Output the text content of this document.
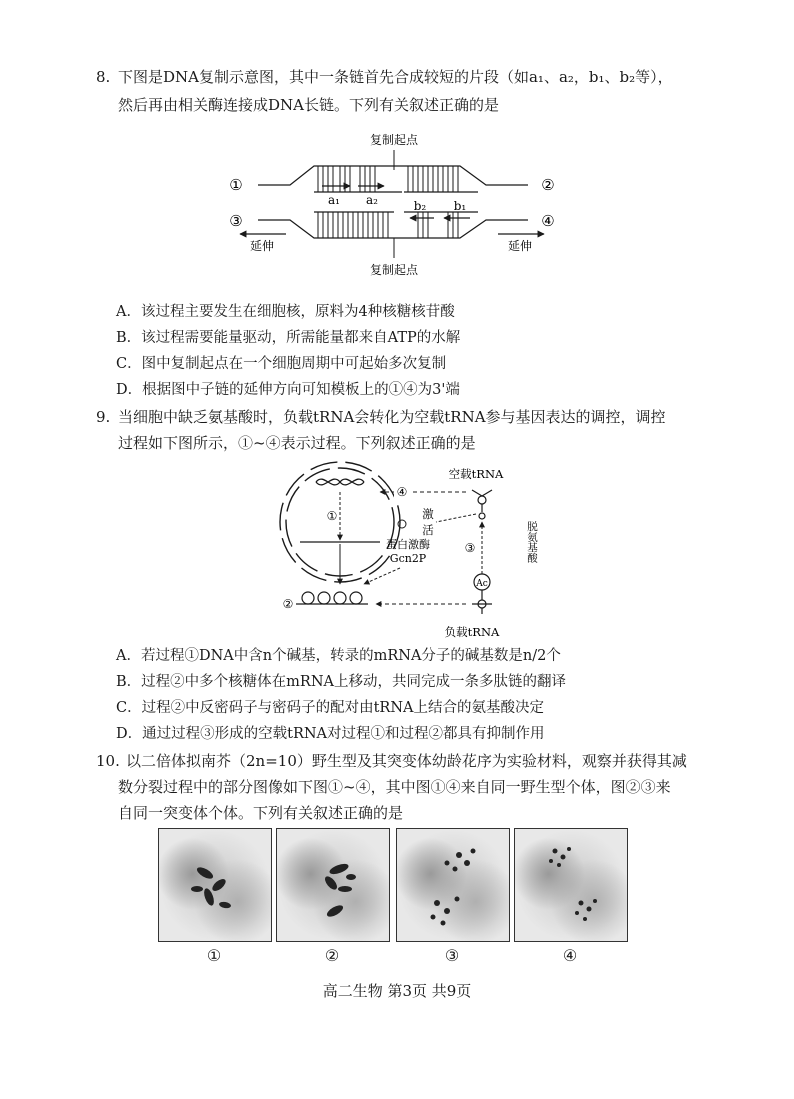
8. 下图是DNA复制示意图，其中一条链首先合成较短的片段（如a₁、a₂，b₁、b₂等），
然后再由相关酶连接成DNA长链。下列有关叙述正确的是
复制起点
①	②
③	④
a₁ a₂	b₂ b₁
延伸	延伸
复制起点
A．该过程主要发生在细胞核，原料为4种核糖核苷酸
B．该过程需要能量驱动，所需能量都来自ATP的水解
C．图中复制起点在一个细胞周期中可起始多次复制
D．根据图中子链的延伸方向可知模板上的①④为3'端
9. 当细胞中缺乏氨基酸时，负载tRNA会转化为空载tRNA参与基因表达的调控，调控
过程如下图所示，①~④表示过程。下列叙述正确的是
①
空载tRNA
④
激
活
蛋白激酶
Gcn2P
③
脱氨基酸
Ac
负载tRNA
②
A．若过程①DNA中含n个碱基，转录的mRNA分子的碱基数是n/2个
B．过程②中多个核糖体在mRNA上移动，共同完成一条多肽链的翻译
C．过程②中反密码子与密码子的配对由tRNA上结合的氨基酸决定
D．通过过程③形成的空载tRNA对过程①和过程②都具有抑制作用
10. 以二倍体拟南芥（2n=10）野生型及其突变体幼龄花序为实验材料，观察并获得其减
数分裂过程中的部分图像如下图①~④，其中图①④来自同一野生型个体，图②③来
自同一突变体个体。下列有关叙述正确的是
①	②	③	④
高二生物 第3页 共9页
